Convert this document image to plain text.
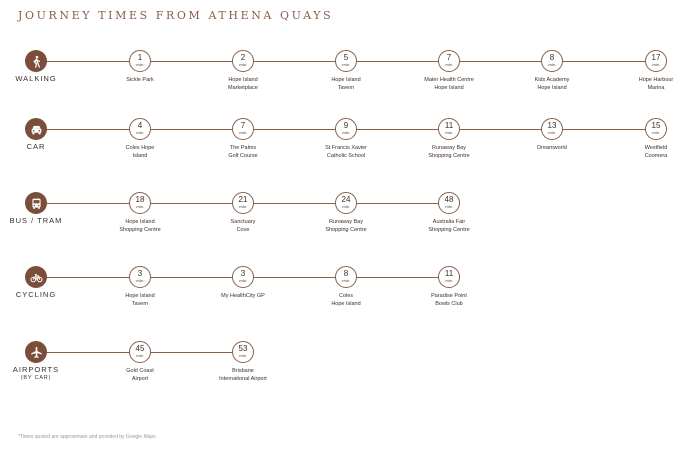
JOURNEY TIMES FROM ATHENA QUAYS
WALKING
1
min
Sickle Park
2
min
Hope Island
Marketplace
5
min
Hope Island
Tavern
7
min
Mater Health Centre
Hope Island
8
min
Kids Academy
Hope Island
17
min
Hope Harbour
Marina
CAR
4
min
Coles Hope
Island
7
min
The Palms
Golf Course
9
min
St Francis Xavier
Catholic School
11
min
Runaway Bay
Shopping Centre
13
min
Dreamworld
15
min
Westfield
Coomera
BUS / TRAM
18
min
Hope Island
Shopping Centre
21
min
Sanctuary
Cove
24
min
Runaway Bay
Shopping Centre
48
min
Australia Fair
Shopping Centre
CYCLING
3
min
Hope Island
Tavern
3
min
My HealthCity GP
8
min
Coles
Hope Island
11
min
Paradise Point
Bowls Club
AIRPORTS
(BY CAR)
45
min
Gold Coast
Airport
53
min
Brisbane
International Airport
*Times quoted are approximate and provided by Google Maps.
